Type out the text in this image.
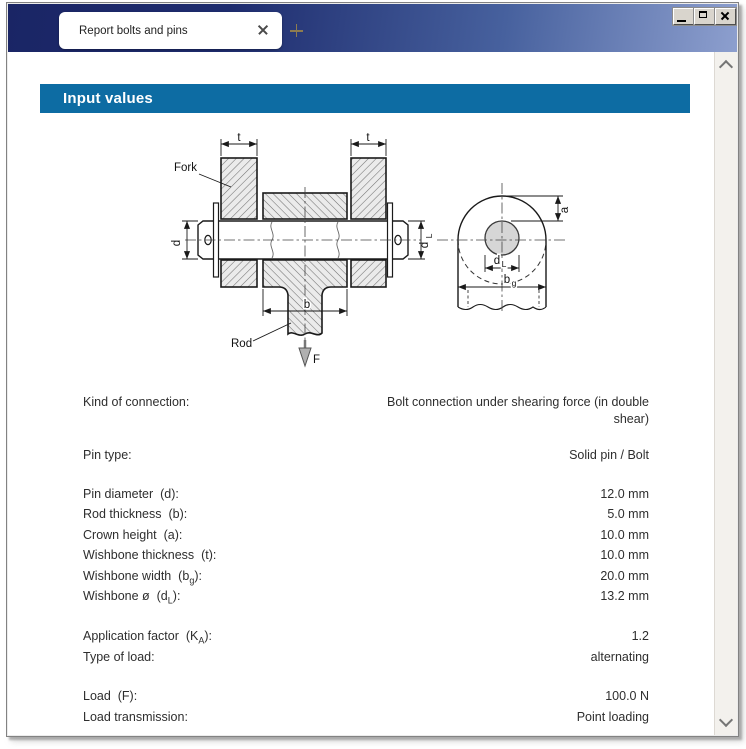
Report bolts and pins
Input values
t	t
Fork
d	d
L
b
Rod
F
a
d L
b g
Kind of connection:	Bolt connection under shearing force (in double shear)
Pin type:	Solid pin / Bolt
Pin diameter  (d):	12.0 mm
Rod thickness  (b):	5.0 mm
Crown height  (a):	10.0 mm
Wishbone thickness  (t):	10.0 mm
Wishbone width  $(b_g)$:	20.0 mm
Wishbone ø  $(d_L)$:	13.2 mm
Application factor  $(K_A)$:	1.2
Type of load:	alternating
Load  (F):	100.0 N
Load transmission:	Point loading
